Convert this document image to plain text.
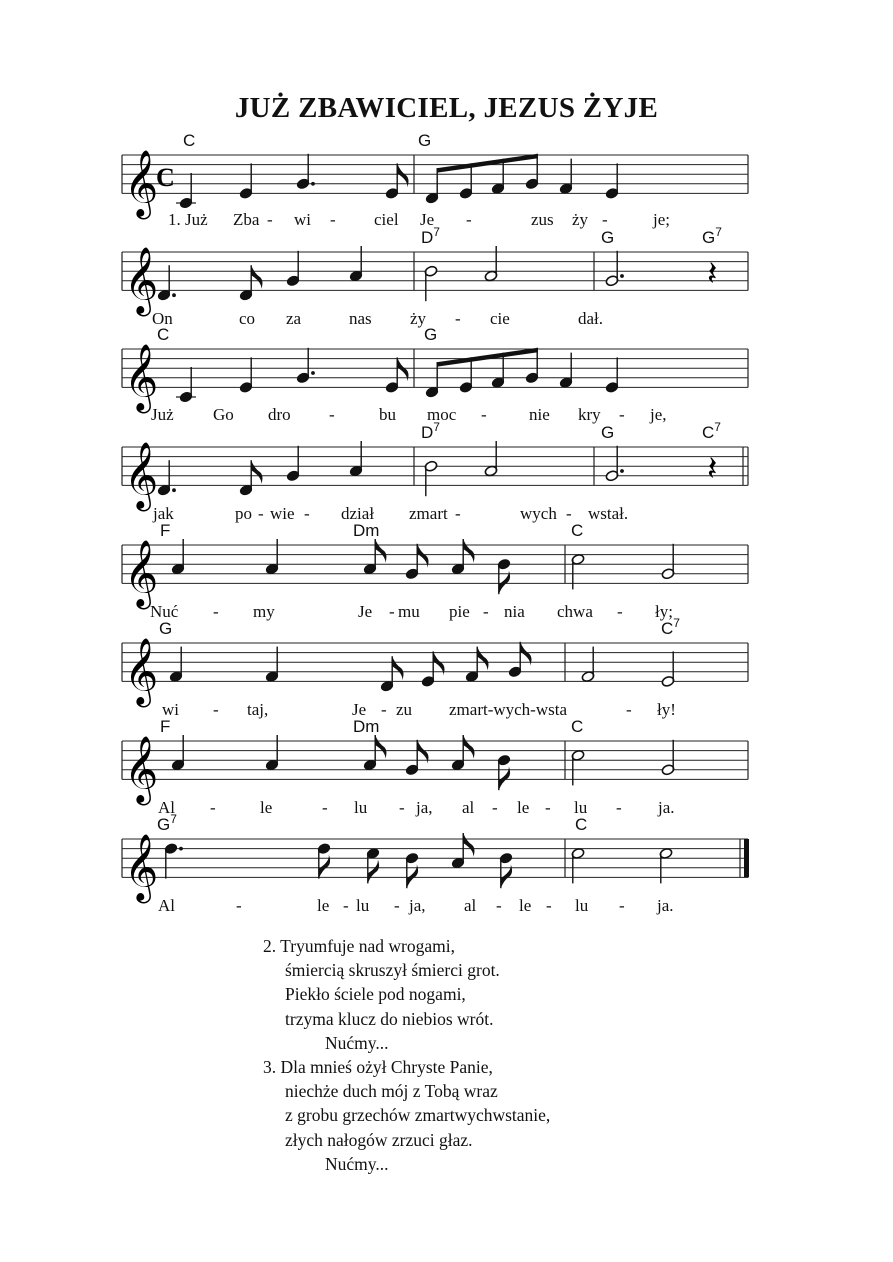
JUŻ ZBAWICIEL, JEZUS ŻYJE
𝄞
C
C	G
1. Już Zba - wi - ciel Je -	zus ży -	je;
𝄞
$D^7$	G	$G^7$
𝄽
On	co za	nas ży - cie	dał.
𝄞
C	G
Już Go dro -	bu moc - nie kry - je,
𝄞
$D^7$	G	$C^7$
𝄽
jak	po - wie - dział zmart -	wych - wstał.
𝄞
F	Dm	C
Nuć - my	Je - mu pie - nia chwa - ły;
𝄞
G	$C^7$
wi - taj,	Je - zu zmart-wych-wsta	- ły!
𝄞
F	Dm	C
Al -	le	- lu - ja, al - le - lu - ja.
𝄞
$G^7$	C
Al	-	le - lu - ja, al - le - lu - ja.
2. Tryumfuje nad wrogami,
śmiercią skruszył śmierci grot.
Piekło ściele pod nogami,
trzyma klucz do niebios wrót.
Nućmy...
3. Dla mnieś ożył Chryste Panie,
niechże duch mój z Tobą wraz
z grobu grzechów zmartwychwstanie,
złych nałogów zrzuci głaz.
Nućmy...
